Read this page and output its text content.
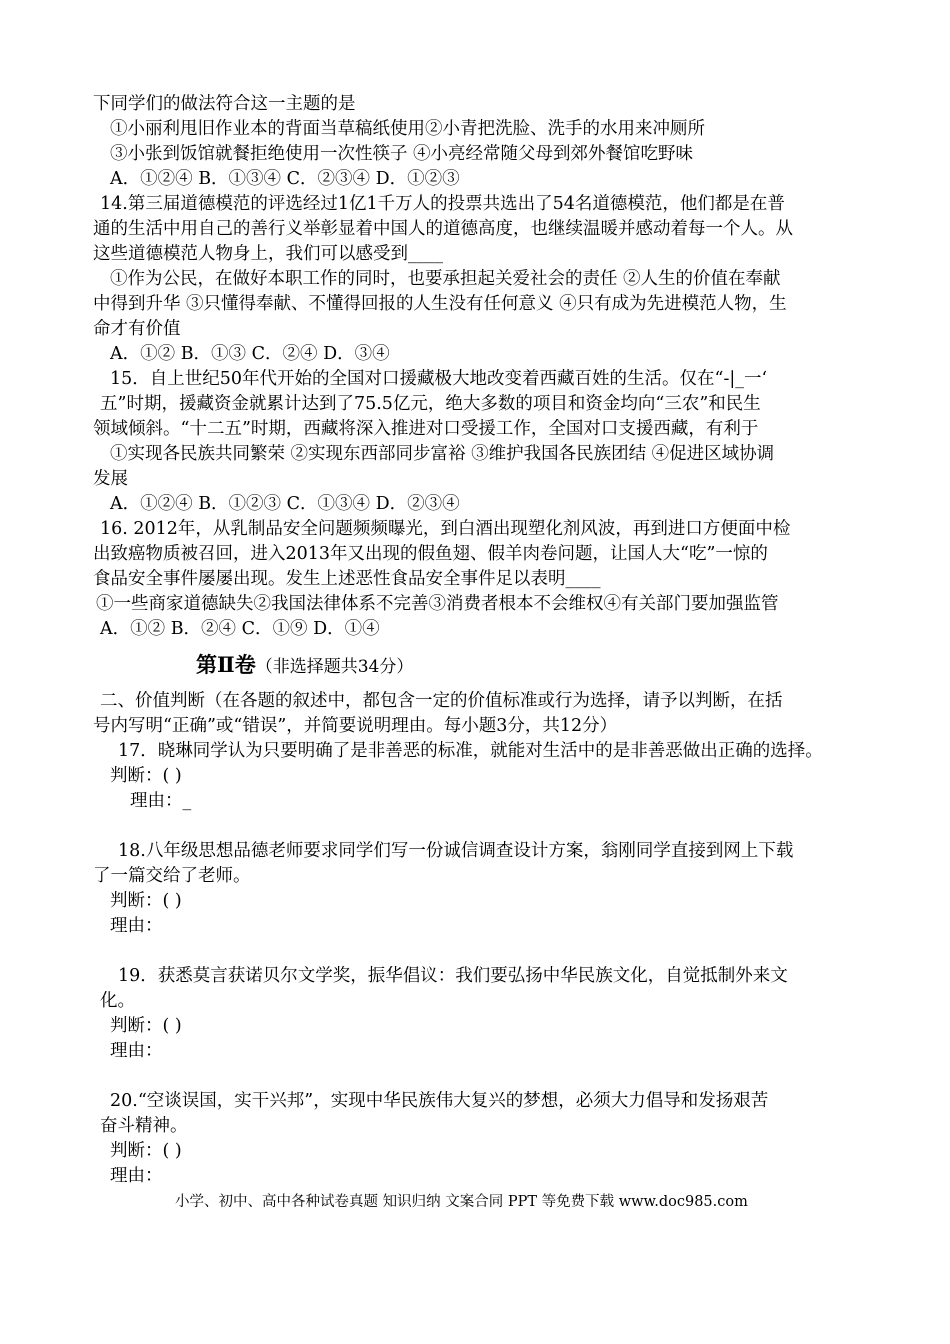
下同学们的做法符合这一主题的是
①小丽利甩旧作业本的背面当草稿纸使用②小青把洗脸、洗手的水用来冲厕所
③小张到饭馆就餐拒绝使用一次性筷子 ④小亮经常随父母到郊外餐馆吃野味
A．①②④ B．①③④ C．②③④ D．①②③
14.第三届道德模范的评选经过1亿1千万人的投票共选出了54名道德模范，他们都是在普
通的生活中用自己的善行义举彰显着中国人的道德高度，也继续温暖并感动着每一个人。从
这些道德模范人物身上，我们可以感受到____
①作为公民，在做好本职工作的同时，也要承担起关爱社会的责任 ②人生的价值在奉献
中得到升华 ③只懂得奉献、不懂得回报的人生没有任何意义 ④只有成为先进模范人物，生
命才有价值
A．①② B．①③ C．②④ D．③④
15．自上世纪50年代开始的全国对口援藏极大地改变着西藏百姓的生活。仅在“-|_一‘
五”时期，援藏资金就累计达到了75.5亿元，绝大多数的项目和资金均向“三农”和民生
领域倾斜。“十二五”时期，西藏将深入推进对口受援工作，全国对口支援西藏，有利于
①实现各民族共同繁荣 ②实现东西部同步富裕 ③维护我国各民族团结 ④促进区域协调
发展
A．①②④ B．①②③ C．①③④ D．②③④
16. 2012年，从乳制品安全问题频频曝光，到白酒出现塑化剂风波，再到进口方便面中检
出致癌物质被召回，进入2013年又出现的假鱼翅、假羊肉卷问题，让国人大“吃”一惊的
食品安全事件屡屡出现。发生上述恶性食品安全事件足以表明____
①一些商家道德缺失②我国法律体系不完善③消费者根本不会维权④有关部门要加强监管
A．①② B．②④ C．①⑨ D．①④
第Ⅱ卷（非选择题共34分）
二、价值判断（在各题的叙述中，都包含一定的价值标准或行为选择，请予以判断，在括
号内写明“正确”或“错误”，并简要说明理由。每小题3分，共12分）
17．晓琳同学认为只要明确了是非善恶的标准，就能对生活中的是非善恶做出正确的选择。
判断：( )
理由：_
18.八年级思想品德老师要求同学们写一份诚信调查设计方案，翁刚同学直接到网上下载
了一篇交给了老师。
判断：( )
理由：
19．获悉莫言获诺贝尔文学奖，振华倡议：我们要弘扬中华民族文化，自觉抵制外来文
化。
判断：( )
理由：
20.“空谈误国，实干兴邦”，实现中华民族伟大复兴的梦想，必须大力倡导和发扬艰苦
奋斗精神。
判断：( )
理由：
小学、初中、高中各种试卷真题 知识归纳 文案合同 PPT 等免费下载 www.doc985.com
